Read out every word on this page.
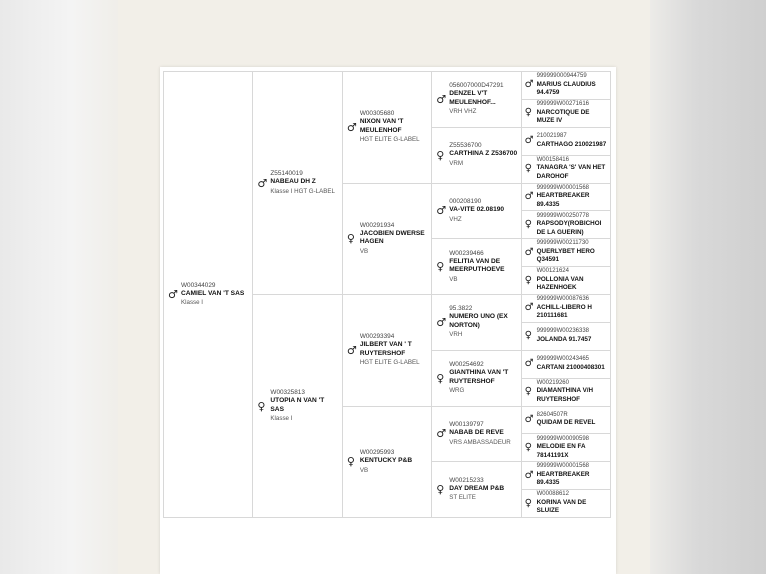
♂
W00344029
CAMIEL VAN 'T SAS
Klasse I
♂
Z55140019
NABEAU DH Z
Klasse I HGT G-LABEL
♀
W00325813
UTOPIA N VAN 'T SAS
Klasse I
♂
W00305680
NIXON VAN 'T MEULENHOF
HGT ELITE G-LABEL
♀
W00291934
JACOBIEN DWERSE HAGEN
VB
♂
W00293394
JILBERT VAN ' T RUYTERSHOF
HGT ELITE G-LABEL
♀
W00295993
KENTUCKY P&B
VB
♂
056007000D47291
DENZEL V'T MEULENHOF...
VRH VHZ
♀
Z55536700
CARTHINA Z Z536700
VRM
♂
000208190
VA-VITE 02.08190
VHZ
♀
W00239466
FELITIA VAN DE MEERPUTHOEVE
VB
♂
95.3822
NUMERO UNO (EX NORTON)
VRH
♀
W00254692
GIANTHINA VAN 'T RUYTERSHOF
WRG
♂
W00139797
NABAB DE REVE
VRS AMBASSADEUR
♀
W00215233
DAY DREAM P&B
ST ELITE
♂
999999000944759
MARIUS CLAUDIUS 94.4759
♀
999999W00271616
NARCOTIQUE DE MUZE IV
♂ 210021987
CARTHAGO 210021987
♀
W00158416
TANAGRA 'S' VAN HET DAROHOF
♂
999999W00001568
HEARTBREAKER 89.4335
♀
999999W00250778
RAPSODY(ROBICHOI DE LA GUERIN)
♂
999999W00211730
QUERLYBET HERO Q34591
♀
W00121624
POLLONIA VAN HAZENHOEK
♂
999999W00087636
ACHILL-LIBERO H 210111681
♀ 999999W00236338
JOLANDA 91.7457
♂ 999999W00243465
CARTANI 21000408301
♀
W00219260
DIAMANTHINA V/H RUYTERSHOF
♂ 82604507R
QUIDAM DE REVEL
♀
999999W00090598
MELODIE EN FA 78141191X
♂
999999W00001568
HEARTBREAKER 89.4335
♀
W00088612
KORINA VAN DE SLUIZE
